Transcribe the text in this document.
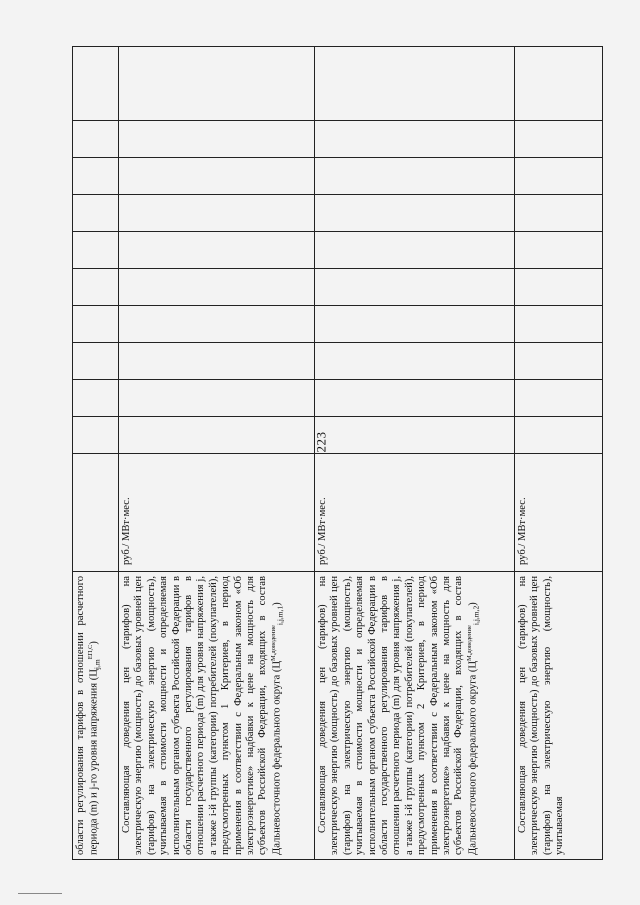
223
области регулирования тарифов в отношении расчетного периода (m) и j-го уровня напряжения $(Ц_{j,m}^{ЕП,С})$											

Составляющая доведения цен (тарифов) на электрическую энергию (мощность) до базовых уровней цен (тарифов) на электрическую энергию (мощность), учитываемая в стоимости мощности и определяемая исполнительным органом субъекта Российской Федерации в области государственного регулирования тарифов в отношении расчетного периода (m) для уровня напряжения j, а также i-й группы (категории) потребителей (покупателей), предусмотренных пунктом 1 Критериев, в период применения в соответствии с Федеральным законом «Об электроэнергетике» надбавки к цене на мощность для субъектов Российской Федерации, входящих в состав Дальневосточного федерального округа $(Ц^{М,доведение}_{i,j,m,1})$	руб./ МВт·мес.										

Составляющая доведения цен (тарифов) на электрическую энергию (мощность) до базовых уровней цен (тарифов) на электрическую энергию (мощность), учитываемая в стоимости мощности и определяемая исполнительным органом субъекта Российской Федерации в области государственного регулирования тарифов в отношении расчетного периода (m) для уровня напряжения j, а также i-й группы (категории) потребителей (покупателей), предусмотренных пунктом 2 Критериев, в период применения в соответствии с Федеральным законом «Об электроэнергетике» надбавки к цене на мощность для субъектов Российской Федерации, входящих в состав Дальневосточного федерального округа $(Ц^{М,доведение}_{i,j,m,2})$	руб./ МВт·мес.										

Составляющая доведения цен (тарифов) на электрическую энергию (мощность) до базовых уровней цен (тарифов) на электрическую энергию (мощность), учитываемая	руб./ МВт·мес.										
